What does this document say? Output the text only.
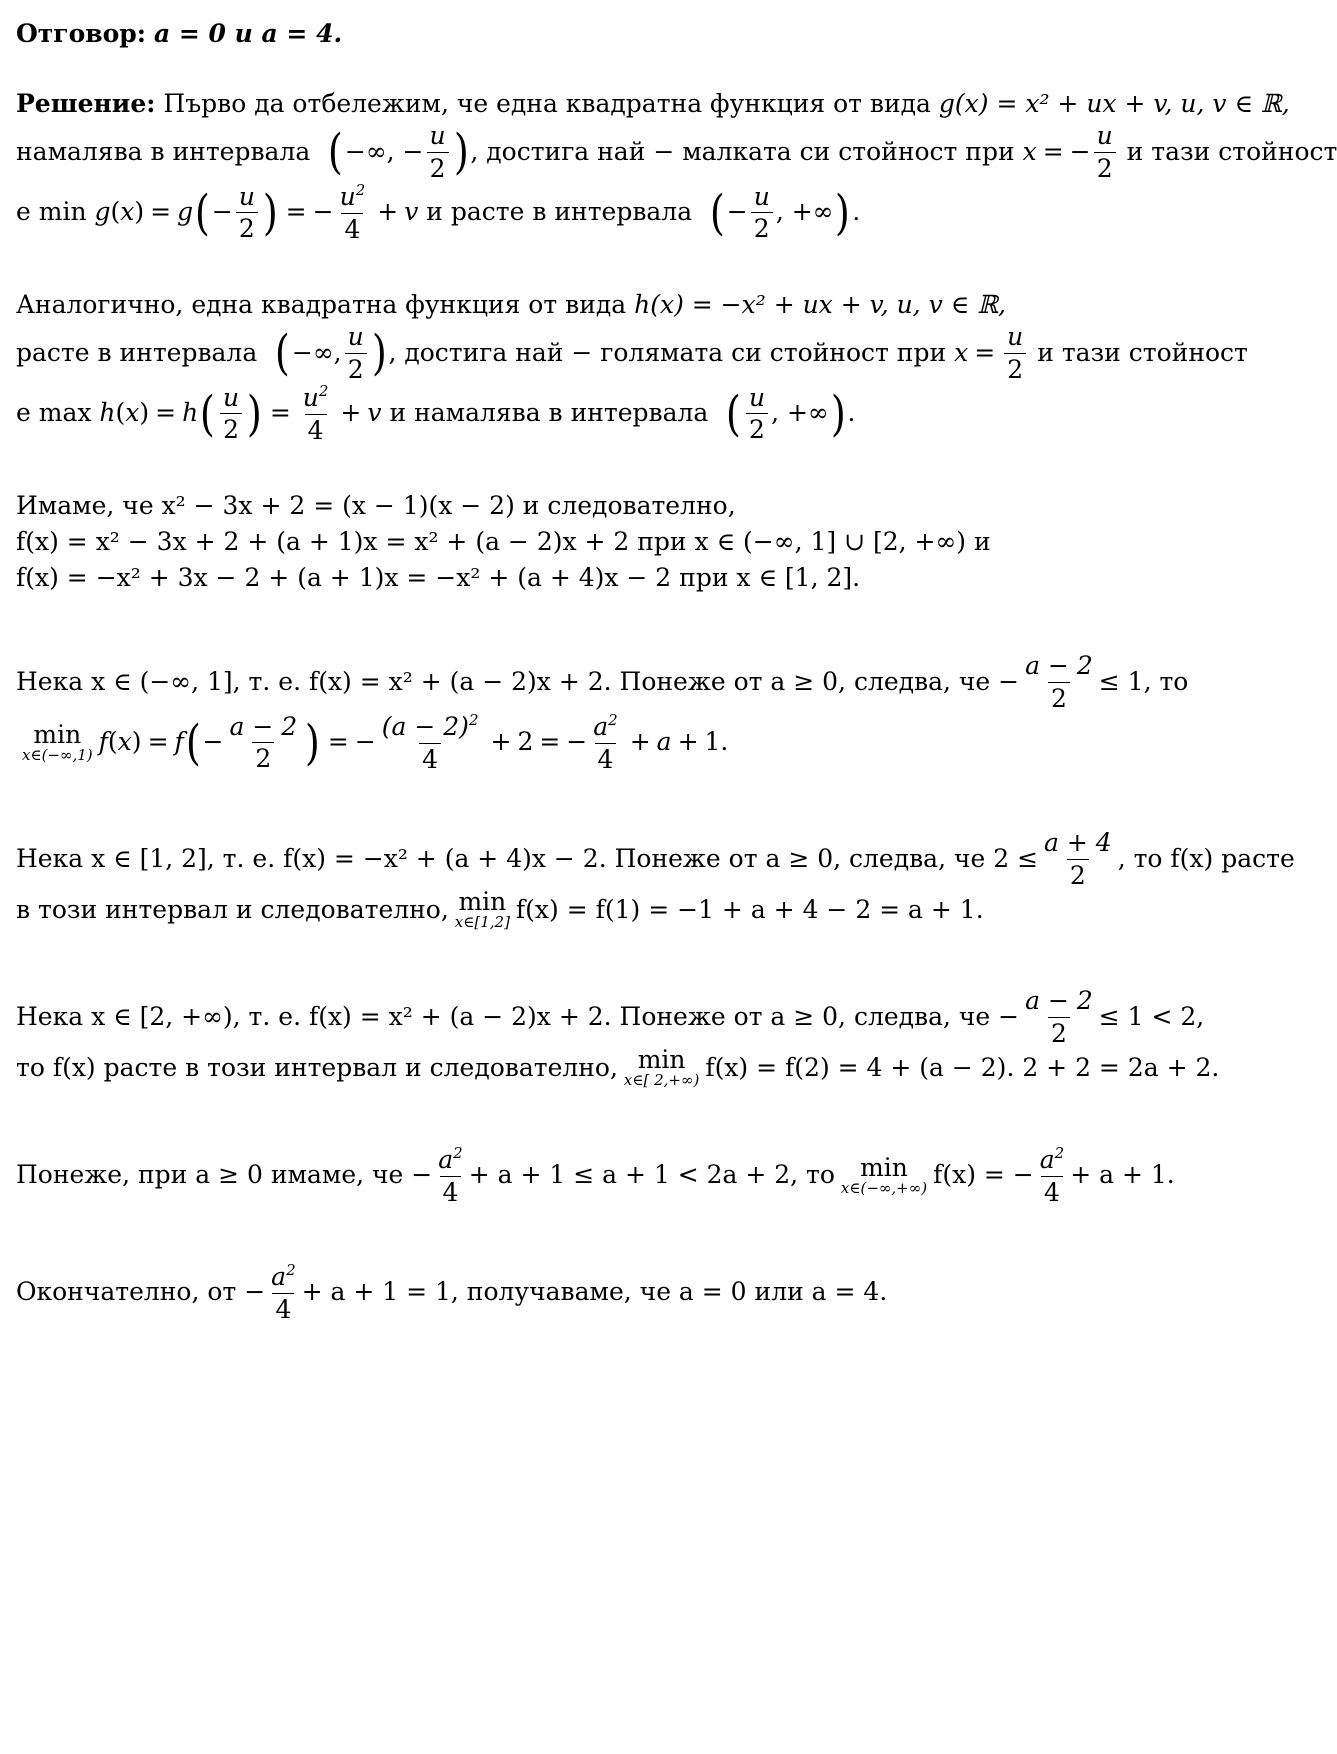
Отговор:
a = 0 и a = 4.
Решение:
Първо да отбележим, че една квадратна функция от вида
g(x) = x² + ux + v, u, v ∈ ℝ,
намалява в интервала
( −∞, − $\frac{u}{2}$ ) , достига най − малката си стойност при
x = − $\frac{u}{2}$
и тази стойност
е
min
g ( x ) = g ( − $\frac{u}{2}$ ) = − $\frac{u^2}{4} + v$
и расте в интервала
( − $\frac{u}{2}$ , +∞ ) .
Аналогично, една квадратна функция от вида
h(x) = −x² + ux + v, u, v ∈ ℝ,
расте в интервала
( −∞, $\frac{u}{2}$ ) , достига най − голямата си стойност при
$x = \frac{u}{2}$
и тази стойност
е
max
h ( x ) = h ( $\frac{u}{2}$ ) = $\frac{u^2}{4} + v$
и намалява в интервала
( $\frac{u}{2}$ , +∞ ) .
Имаме, че x² − 3x + 2 = (x − 1)(x − 2) и следователно,
f(x) = x² − 3x + 2 + (a + 1)x = x² + (a − 2)x + 2 при x ∈ (−∞, 1] ∪ [2, +∞) и
f(x) = −x² + 3x − 2 + (a + 1)x = −x² + (a + 4)x − 2 при x ∈ [1, 2].
Нека x ∈ (−∞, 1], т. е. f(x) = x² + (a − 2)x + 2. Понеже от a ≥ 0, следва, че − $\frac{a - 2}{2} \le 1$, то
min
x∈(−∞,1) f ( x ) = f ( − $\frac{a - 2}{2}$ ) = − $\frac{(a - 2)^2}{4} + 2$ = − $\frac{a^2}{4} + a + 1$.
Нека x ∈ [1, 2], т. е. f(x) = −x² + (a + 4)x − 2. Понеже от a ≥ 0, следва, че $2 \le \frac{a + 4}{2}$ , то f(x) расте
в този интервал и следователно, min
x∈[1,2] f(x) = f(1) = −1 + a + 4 − 2 = a + 1.
Нека x ∈ [2, +∞), т. е. f(x) = x² + (a − 2)x + 2. Понеже от a ≥ 0, следва, че − $\frac{a - 2}{2} \le 1 < 2$,
то f(x) расте в този интервал и следователно, min
x∈[ 2,+∞) f(x) = f(2) = 4 + (a − 2). 2 + 2 = 2a + 2.
Понеже, при a ≥ 0 имаме, че − $\frac{a^2}{4} + a + 1 \le a + 1 < 2a + 2$, то min
x∈(−∞,+∞) f(x) = − $\frac{a^2}{4} + a + 1$.
Окончателно, от − $\frac{a^2}{4} + a + 1 = 1$, получаваме, че a = 0 или a = 4.
